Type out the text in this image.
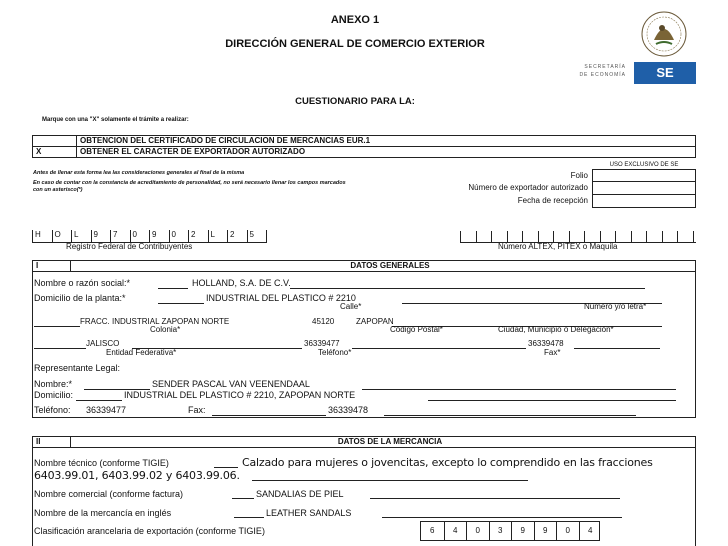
ANEXO 1
DIRECCIÓN GENERAL DE COMERCIO EXTERIOR
SECRETARÍA
DE ECONOMÍA	SE
CUESTIONARIO PARA LA:
Marque con una "X" solamente el trámite a realizar:
OBTENCION DEL CERTIFICADO DE CIRCULACION DE MERCANCIAS EUR.1
X	OBTENER EL CARACTER DE EXPORTADOR AUTORIZADO
Antes de llenar esta forma lea las consideraciones generales al final de la misma
En caso de contar con la constancia de acreditamiento de personalidad, no será necesario llenar los campos marcados con un asterisco(*)
USO EXCLUSIVO DE SE
Folio
Número de exportador autorizado
Fecha de recepción
H	O	L	9	7	0	9	0	2	L	2	5
Registro Federal de Contribuyentes	Número ALTEX, PITEX o Maquila
I	DATOS GENERALES
Nombre o razón social:*	HOLLAND, S.A. DE C.V.
Domicilio de la planta:*	INDUSTRIAL DEL PLASTICO # 2210
Calle*	Número y/o letra*
FRACC. INDUSTRIAL ZAPOPAN NORTE	45120	ZAPOPAN
Colonia*	Código Postal*	Ciudad, Municipio o Delegación*
JALISCO	36339477	36339478
Entidad Federativa*	Teléfono*	Fax*
Representante Legal:
Nombre:*	SENDER PASCAL VAN VEENENDAAL
Domicilio:	INDUSTRIAL DEL PLASTICO # 2210, ZAPOPAN NORTE
Teléfono: 36339477	Fax:	36339478
II	DATOS DE LA MERCANCIA
Nombre técnico (conforme TIGIE)	Calzado para mujeres o jovencitas, excepto lo comprendido en las fracciones
6403.99.01, 6403.99.02 y 6403.99.06.
Nombre comercial (conforme factura)	SANDALIAS DE PIEL
Nombre de la mercancía en inglés	LEATHER SANDALS
Clasificación arancelaria de exportación (conforme TIGIE)	6	4	0	3	9	9	0	4
